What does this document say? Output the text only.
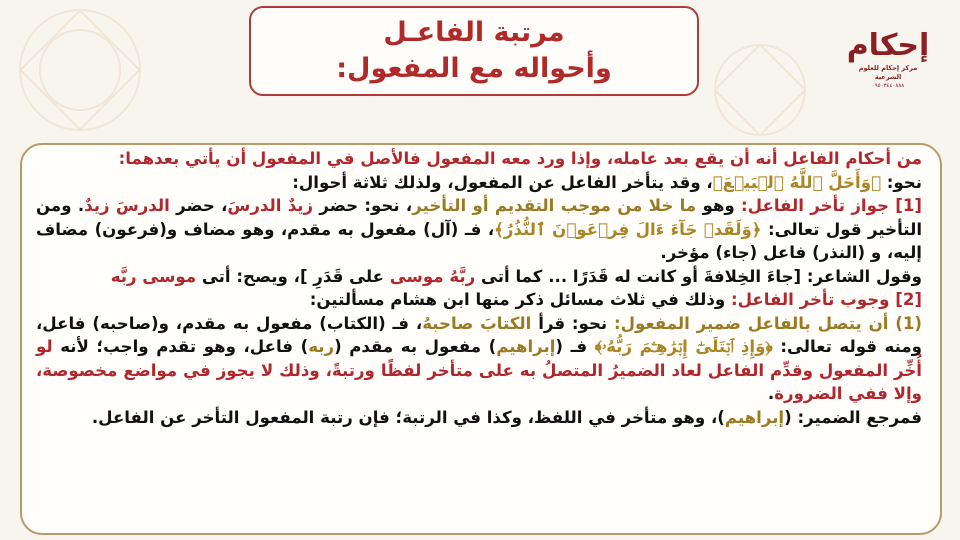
مرتبة الفاعـل
وأحواله مع المفعول:
إحكام
مركز إحكام للعلوم الشرعية
٠٩٥٠٣٤٤٠٨٨٨

من أحكام الفاعل أنه أن يقع بعد عامله، وإذا ورد معه المفعول فالأصل في المفعول أن يأتي بعدهما:

نحو: ﴿وَأَحَلَّ ٱللَّهُ ٱلۡبَيۡعَ﴾، وقد يتأخر الفاعل عن المفعول، ولذلك ثلاثة أحوال:

[1] جواز تأخر الفاعل: وهو ما خلا من موجب التقديم أو التأخير، نحو: حضر زيدٌ الدرسَ، حضر الدرسَ زيدٌ. ومن التأخير قول تعالى: ﴿وَلَقَدۡ جَآءَ ءَالَ فِرۡعَوۡنَ ٱلنُّذُرُ﴾، فـ (آل) مفعول به مقدم، وهو مضاف و(فرعون) مضاف إليه، و (النذر) فاعل (جاء) مؤخر.

وقول الشاعر: [جاءَ الخِلافةَ أو كانت له قَدَرًا ... كما أتى ربَّهُ موسى على قَدَرِ ]، ويصح: أتى موسى ربَّه

[2] وجوب تأخر الفاعل: وذلك في ثلاث مسائل ذكر منها ابن هشام مسألتين:

(1) أن يتصل بالفاعل ضمير المفعول: نحو: قرأ الكتابَ صاحبهُ، فـ (الكتاب) مفعول به مقدم، و(صاحبه) فاعل، ومنه قوله تعالى: ﴿وَإِذِ ٱبۡتَلَىٰٓ إِبۡرَٰهِـۧمَ رَبُّهُۥ﴾ فـ (إبراهيم) مفعول به مقدم (ربه) فاعل، وهو تقدم واجب؛ لأنه لو أُخِّر المفعول وقدِّم الفاعل لعاد الضميرُ المتصلُ به على متأخر لفظًا ورتبةً، وذلك لا يجوز في مواضع مخصوصة، وإلا ففي الضرورة.

فمرجع الضمير: (إبراهيم)، وهو متأخر في اللفظ، وكذا في الرتبة؛ فإن رتبة المفعول التأخر عن الفاعل.
